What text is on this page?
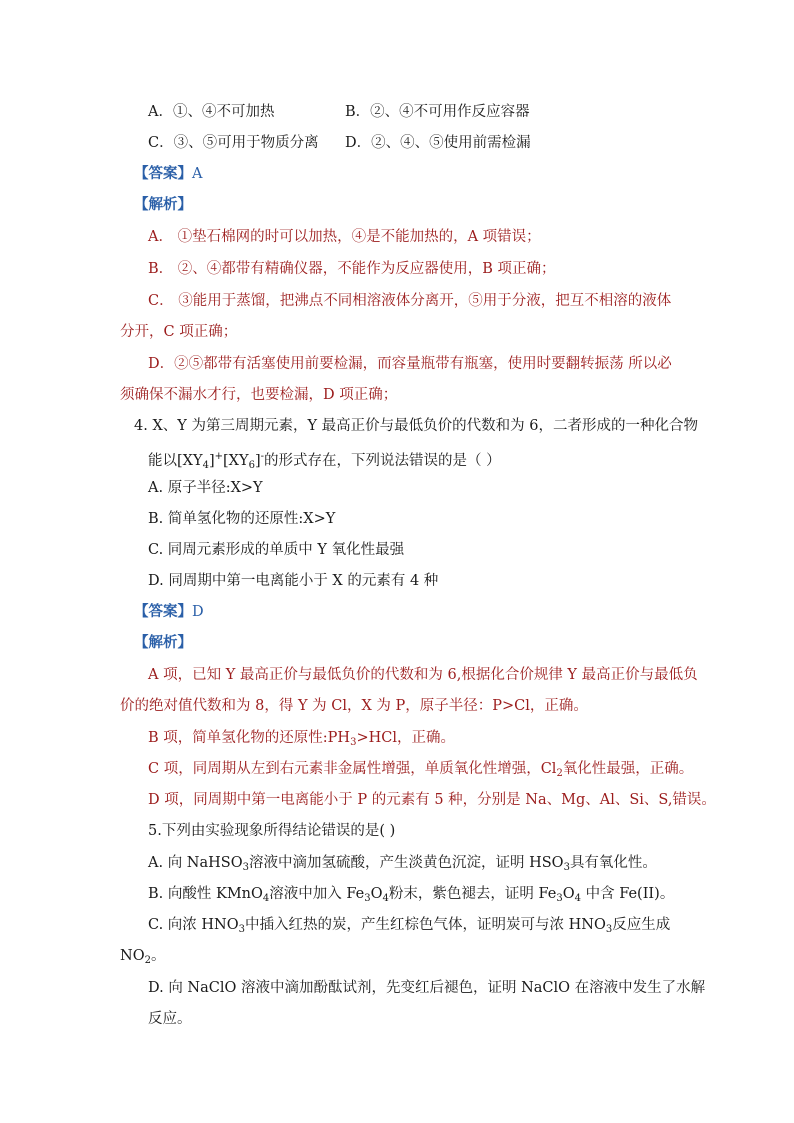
A．①、④不可加热	B．②、④不可用作反应容器
C．③、⑤可用于物质分离 D．②、④、⑤使用前需检漏
【答案】A
【解析】
A． ①垫石棉网的时可以加热，④是不能加热的，A 项错误；
B． ②、④都带有精确仪器，不能作为反应器使用，B 项正确；
C． ③能用于蒸馏，把沸点不同相溶液体分离开，⑤用于分液，把互不相溶的液体
分开，C 项正确；
D．②⑤都带有活塞使用前要检漏，而容量瓶带有瓶塞，使用时要翻转振荡 所以必
须确保不漏水才行，也要检漏，D 项正确；
4. X、Y 为第三周期元素，Y 最高正价与最低负价的代数和为 6，二者形成的一种化合物
能以$[XY_4]^+[XY_6]^-$的形式存在，下列说法错误的是（ ）
A. 原子半径:X>Y
B. 简单氢化物的还原性:X>Y
C. 同周元素形成的单质中 Y 氧化性最强
D. 同周期中第一电离能小于 X 的元素有 4 种
【答案】D
【解析】
A 项，已知 Y 最高正价与最低负价的代数和为 6,根据化合价规律 Y 最高正价与最低负
价的绝对值代数和为 8，得 Y 为 Cl，X 为 P，原子半径：P>Cl，正确。
B 项，简单氢化物的还原性$:PH_3>HCl$，正确。
C 项，同周期从左到右元素非金属性增强，单质氧化性增强，$Cl_2$氧化性最强，正确。
D 项，同周期中第一电离能小于 P 的元素有 5 种，分别是 Na、Mg、Al、Si、S,错误。
5.下列由实验现象所得结论错误的是( )
A. 向 NaHSO$_3$溶液中滴加氢硫酸，产生淡黄色沉淀，证明 $HSO_3$具有氧化性。
B. 向酸性 KMnO$_4$溶液中加入 $Fe_3O_4$粉末，紫色褪去，证明 $Fe_3O_4$ 中含 Fe(II)。
C. 向浓 $HNO_3$中插入红热的炭，产生红棕色气体，证明炭可与浓 $HNO_3$反应生成
$NO_2$。
D. 向 NaClO 溶液中滴加酚酞试剂，先变红后褪色，证明 NaClO 在溶液中发生了水解
反应。
